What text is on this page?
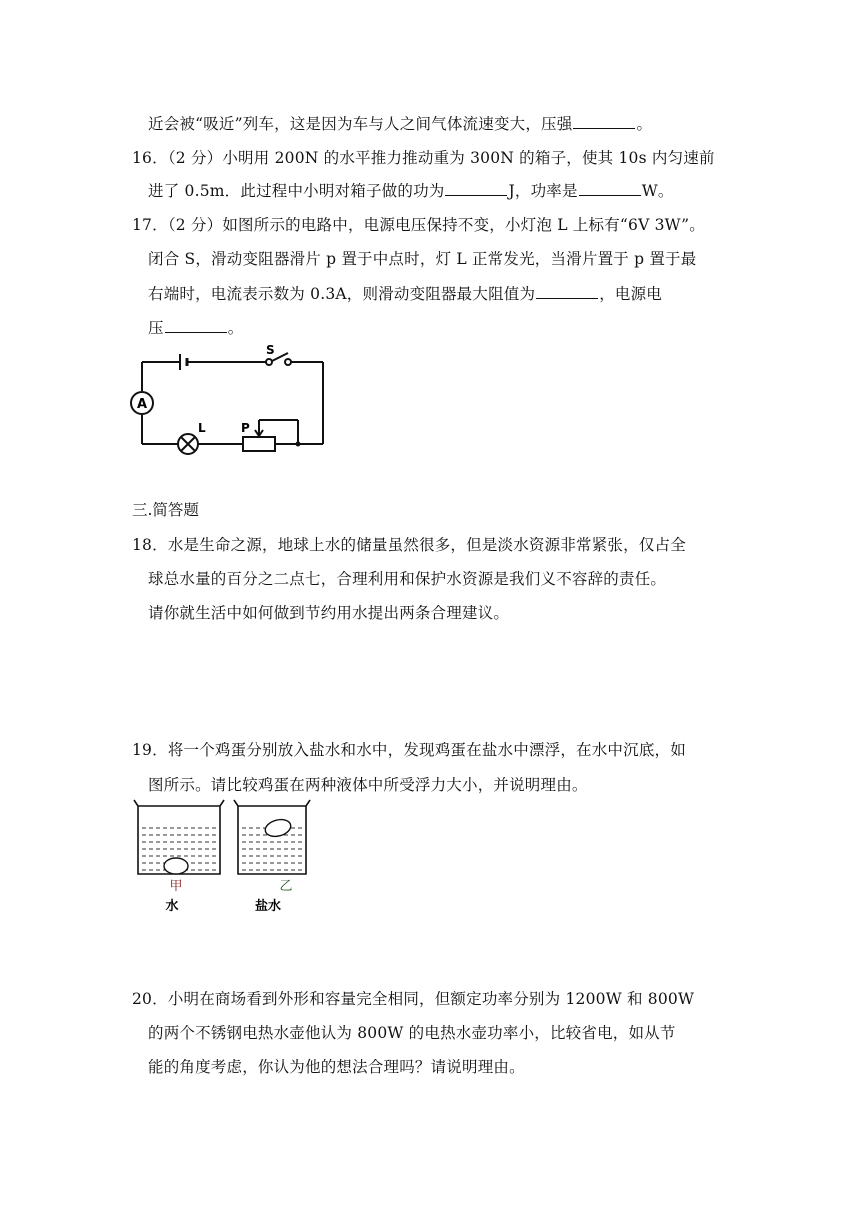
近会被“吸近”列车，这是因为车与人之间气体流速变大，压强	。
16．（2 分）小明用 200N 的水平推力推动重为 300N 的箱子，使其 10s 内匀速前
进了 0.5m．此过程中小明对箱子做的功为	J，功率是	W。
17．（2 分）如图所示的电路中，电源电压保持不变，小灯泡 L 上标有“6V 3W”。
闭合 S，滑动变阻器滑片 p 置于中点时，灯 L 正常发光，当滑片置于 p 置于最
右端时，电流表示数为 0.3A，则滑动变阻器最大阻值为	，电源电
压	。
A
S
L	P
三.简答题
18．水是生命之源，地球上水的储量虽然很多，但是淡水资源非常紧张，仅占全
球总水量的百分之二点七，合理利用和保护水资源是我们义不容辞的责任。
请你就生活中如何做到节约用水提出两条合理建议。
19．将一个鸡蛋分别放入盐水和水中，发现鸡蛋在盐水中漂浮，在水中沉底，如
图所示。请比较鸡蛋在两种液体中所受浮力大小，并说明理由。
甲
水
乙
盐水
20．小明在商场看到外形和容量完全相同，但额定功率分别为 1200W 和 800W
的两个不锈钢电热水壶他认为 800W 的电热水壶功率小，比较省电，如从节
能的角度考虑，你认为他的想法合理吗？请说明理由。
